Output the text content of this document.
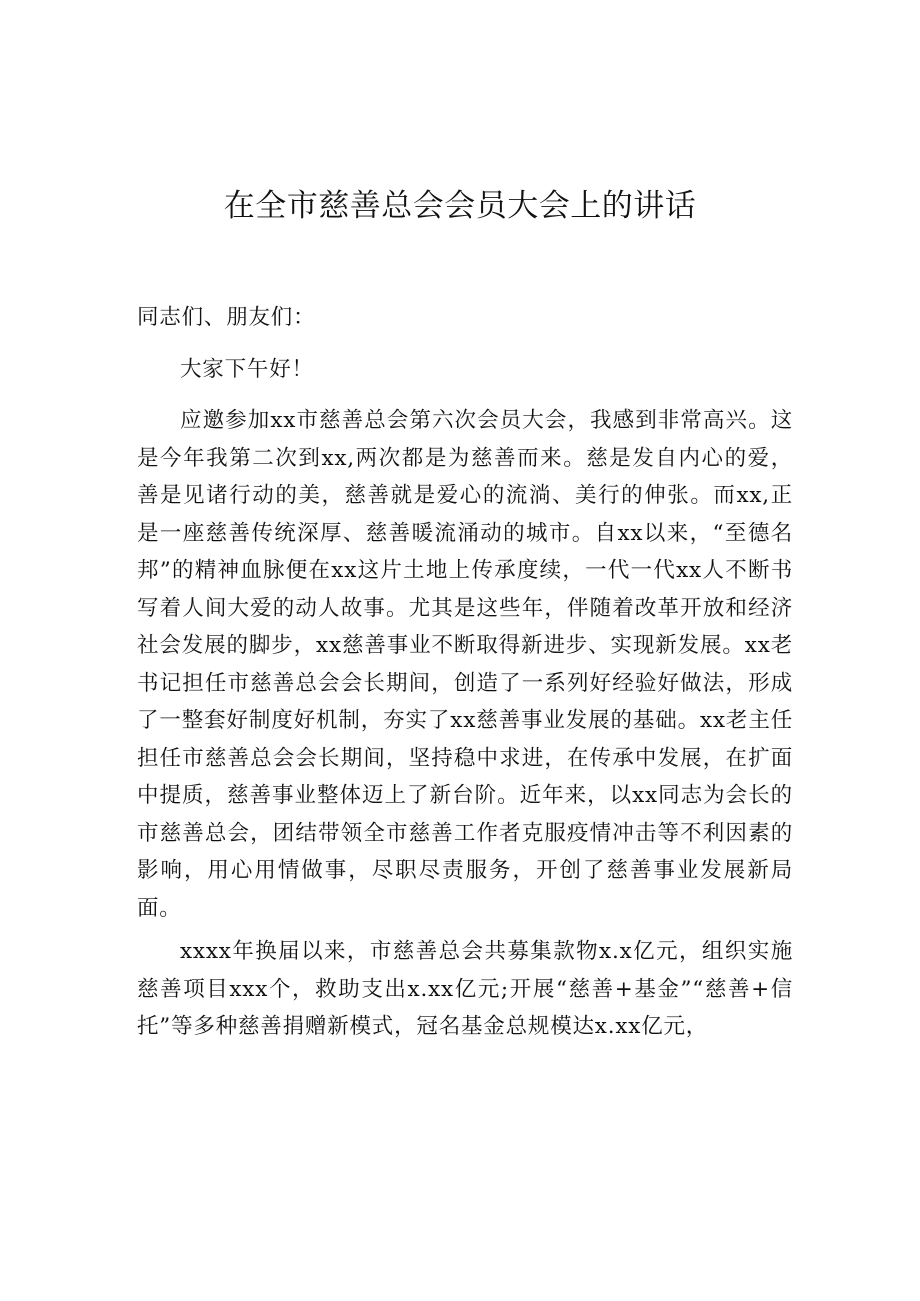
在全市慈善总会会员大会上的讲话

同志们、朋友们：

大家下午好！

应邀参加xx市慈善总会第六次会员大会，我感到非常高兴。这是今年我第二次到xx,两次都是为慈善而来。慈是发自内心的爱，善是见诸行动的美，慈善就是爱心的流淌、美行的伸张。而xx,正是一座慈善传统深厚、慈善暖流涌动的城市。自xx以来，“至德名邦”的精神血脉便在xx这片土地上传承度续，一代一代xx人不断书写着人间大爱的动人故事。尤其是这些年，伴随着改革开放和经济社会发展的脚步，xx慈善事业不断取得新进步、实现新发展。xx老书记担任市慈善总会会长期间，创造了一系列好经验好做法，形成了一整套好制度好机制，夯实了xx慈善事业发展的基础。xx老主任担任市慈善总会会长期间，坚持稳中求进，在传承中发展，在扩面中提质，慈善事业整体迈上了新台阶。近年来，以xx同志为会长的市慈善总会，团结带领全市慈善工作者克服疫情冲击等不利因素的影响，用心用情做事，尽职尽责服务，开创了慈善事业发展新局面。

xxxx年换届以来，市慈善总会共募集款物x.x亿元，组织实施慈善项目xxx个，救助支出x.xx亿元;开展“慈善+基金”“慈善+信托”等多种慈善捐赠新模式，冠名基金总规模达x.xx亿元，
